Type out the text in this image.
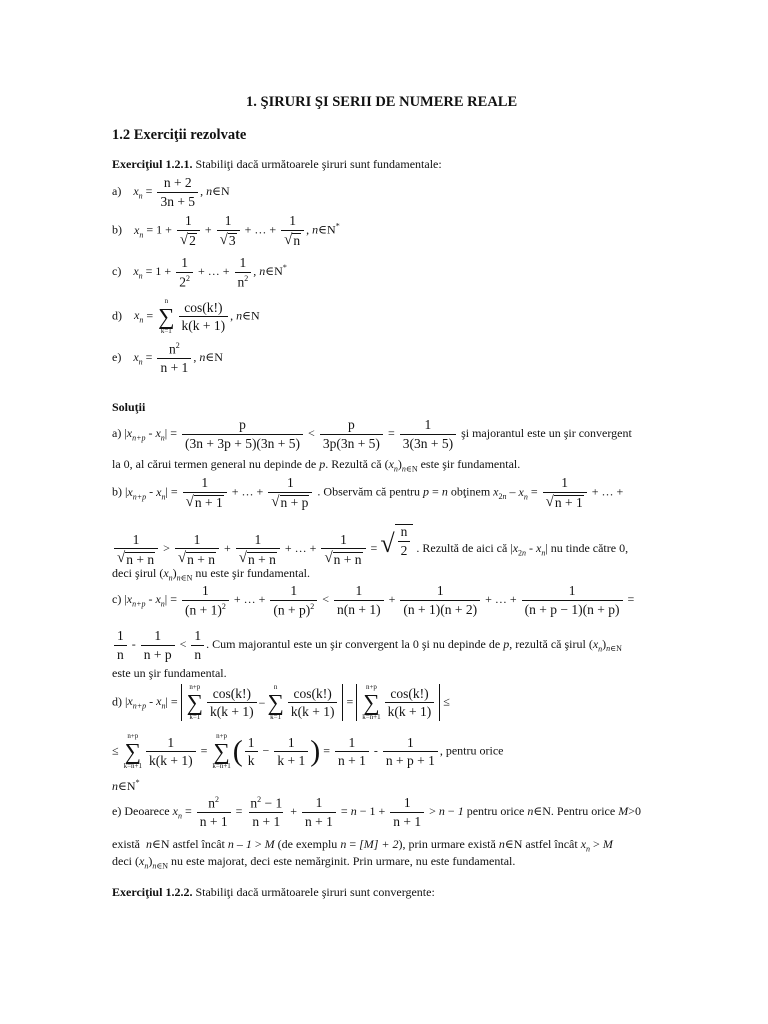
1. ŞIRURI ŞI SERII DE NUMERE REALE
1.2 Exerciţii rezolvate
Exerciţiul 1.2.1. Stabiliţi dacă următoarele şiruri sunt fundamentale:
a) $x_n = \frac{n + 2}{3n + 5}$ , n∈N
b) $x_n = 1 + \frac{1}{√ 2} + \frac{1}{√ 3}$ + … + $\frac{1}{√ n}$ , n∈N*
c) $x_n = 1 + \frac{1}{2^2}$ + … + $\frac{1}{n^2}$ , n∈N*
d) $x_n$ =
n
∑
$k=1 \frac{\cos(k!)}{k(k + 1)}$ , n∈N
e) $x_n = \frac{n^2}{n + 1}$ , n∈N
Soluţii
a) $|x_{n+p} - x_n| = \frac{p}{(3n + 3p + 5)(3n + 5)} < \frac{p}{3p(3n + 5)} = \frac{1}{3(3n + 5)}$ şi majorantul este un şir convergent
la 0, al cărui termen general nu depinde de p. Rezultă că $(x_n)_{n\in N}$ este şir fundamental.
b) $|x_{n+p} - x_n| = \frac{1}{√ n + 1}$ + … + $\frac{1}{√ n + p}$ . Observăm că pentru p = n obţinem $x_{2n} - x_n = \frac{1}{√ n + 1}$ + … +
$\frac{1}{√ n + n} > \frac{1}{√ n + n} + \frac{1}{√ n + n}$ + … + $\frac{1}{√ n + n}$ = √ $\frac{n}{2}$ . Rezultă de aici că $|x_{2n} - x_n|$ nu tinde către 0,
deci şirul $(x_n)_{n\in N}$ nu este şir fundamental.
c) $|x_{n+p} - x_n| = \frac{1}{(n + 1)^2}$ + … + $\frac{1}{(n + p)^2} < \frac{1}{n(n + 1)} + \frac{1}{(n + 1)(n + 2)}$ + … + $\frac{1}{(n + p - 1)(n + p)}$ =
$\frac{1}{n} - \frac{1}{n + p} < \frac{1}{n}$ . Cum majorantul este un şir convergent la 0 şi nu depinde de p, rezultă că şirul $(x_n)_{n\in N}$
este un şir fundamental.
d) $|x_{n+p} - x_n|$ =
n+p
∑
k=1
cos(k!)
k(k + 1)
−
n
∑
k=1
cos(k!)
k(k + 1)
=
n+p
∑
k=n+1
cos(k!)
k(k + 1)
≤
≤
n+p
∑
$k=n+1 \frac{1}{k(k + 1)}$ =
n+p
∑
k=n+1 ( $\frac{1}{k} - \frac{1}{k + 1}$ ) = $\frac{1}{n + 1} - \frac{1}{n + p + 1}$ , pentru orice
n∈N*
e) Deoarece $x_n = \frac{n^2}{n + 1} = \frac{n^2 - 1}{n + 1} + \frac{1}{n + 1} = n - 1 + \frac{1}{n + 1} > n - 1$ pentru orice n∈N. Pentru orice M>0
există n∈N astfel încât n – 1 > M (de exemplu n = [M] + 2), prin urmare există n∈N astfel încât $x_n > M$
deci $(x_n)_{n\in N}$ nu este majorat, deci este nemărginit. Prin urmare, nu este fundamental.
Exerciţiul 1.2.2. Stabiliţi dacă următoarele şiruri sunt convergente:
